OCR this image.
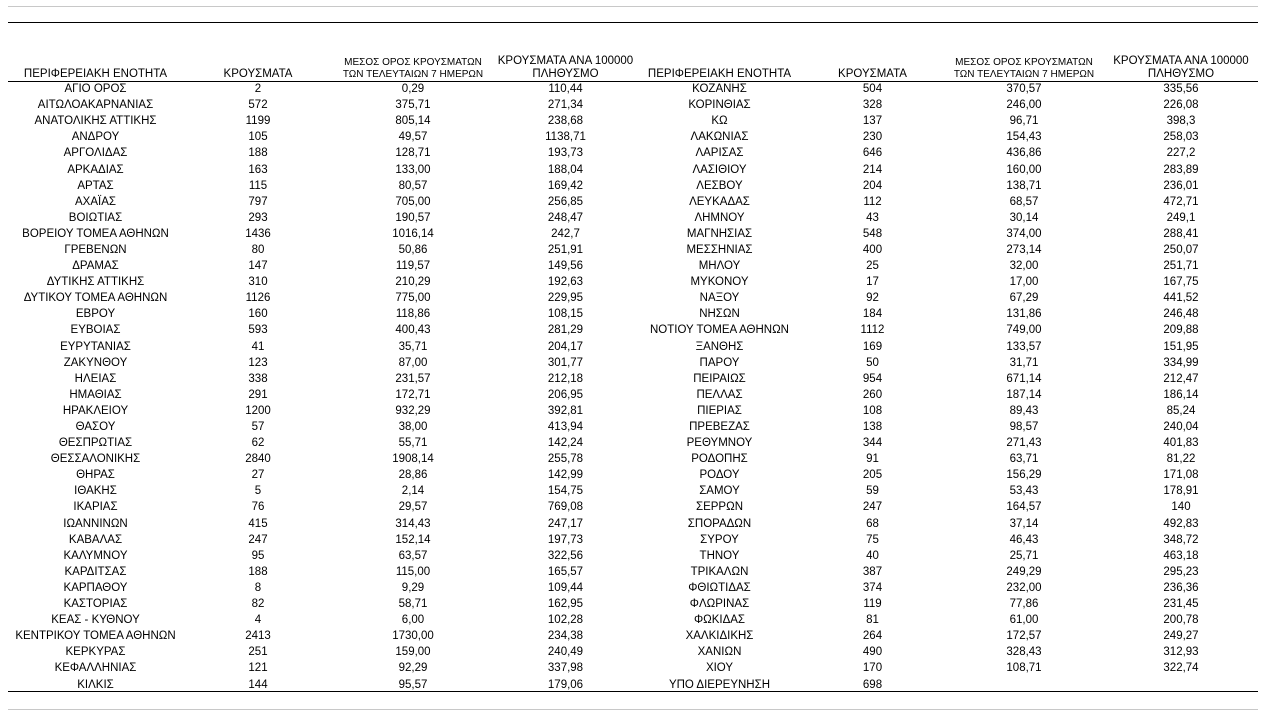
ΠΕΡΙΦΕΡΕΙΑΚΗ ΕΝΟΤΗΤΑ	ΚΡΟΥΣΜΑΤΑ	ΜΕΣΟΣ ΟΡΟΣ ΚΡΟΥΣΜΑΤΩΝ ΤΩΝ ΤΕΛΕΥΤΑΙΩΝ 7 ΗΜΕΡΩΝ	ΚΡΟΥΣΜΑΤΑ ΑΝΑ 100000 ΠΛΗΘΥΣΜΟ	ΠΕΡΙΦΕΡΕΙΑΚΗ ΕΝΟΤΗΤΑ	ΚΡΟΥΣΜΑΤΑ	ΜΕΣΟΣ ΟΡΟΣ ΚΡΟΥΣΜΑΤΩΝ ΤΩΝ ΤΕΛΕΥΤΑΙΩΝ 7 ΗΜΕΡΩΝ	ΚΡΟΥΣΜΑΤΑ ΑΝΑ 100000 ΠΛΗΘΥΣΜΟ
ΑΓΙΟ ΟΡΟΣ	2	0,29	110,44	ΚΟΖΑΝΗΣ	504	370,57	335,56
ΑΙΤΩΛΟΑΚΑΡΝΑΝΙΑΣ	572	375,71	271,34	ΚΟΡΙΝΘΙΑΣ	328	246,00	226,08
ΑΝΑΤΟΛΙΚΗΣ ΑΤΤΙΚΗΣ	1199	805,14	238,68	ΚΩ	137	96,71	398,3
ΑΝΔΡΟΥ	105	49,57	1138,71	ΛΑΚΩΝΙΑΣ	230	154,43	258,03
ΑΡΓΟΛΙΔΑΣ	188	128,71	193,73	ΛΑΡΙΣΑΣ	646	436,86	227,2
ΑΡΚΑΔΙΑΣ	163	133,00	188,04	ΛΑΣΙΘΙΟΥ	214	160,00	283,89
ΑΡΤΑΣ	115	80,57	169,42	ΛΕΣΒΟΥ	204	138,71	236,01
ΑΧΑΪΑΣ	797	705,00	256,85	ΛΕΥΚΑΔΑΣ	112	68,57	472,71
ΒΟΙΩΤΙΑΣ	293	190,57	248,47	ΛΗΜΝΟΥ	43	30,14	249,1
ΒΟΡΕΙΟΥ ΤΟΜΕΑ ΑΘΗΝΩΝ	1436	1016,14	242,7	ΜΑΓΝΗΣΙΑΣ	548	374,00	288,41
ΓΡΕΒΕΝΩΝ	80	50,86	251,91	ΜΕΣΣΗΝΙΑΣ	400	273,14	250,07
ΔΡΑΜΑΣ	147	119,57	149,56	ΜΗΛΟΥ	25	32,00	251,71
ΔΥΤΙΚΗΣ ΑΤΤΙΚΗΣ	310	210,29	192,63	ΜΥΚΟΝΟΥ	17	17,00	167,75
ΔΥΤΙΚΟΥ ΤΟΜΕΑ ΑΘΗΝΩΝ	1126	775,00	229,95	ΝΑΞΟΥ	92	67,29	441,52
ΕΒΡΟΥ	160	118,86	108,15	ΝΗΣΩΝ	184	131,86	246,48
ΕΥΒΟΙΑΣ	593	400,43	281,29	ΝΟΤΙΟΥ ΤΟΜΕΑ ΑΘΗΝΩΝ	1112	749,00	209,88
ΕΥΡΥΤΑΝΙΑΣ	41	35,71	204,17	ΞΑΝΘΗΣ	169	133,57	151,95
ΖΑΚΥΝΘΟΥ	123	87,00	301,77	ΠΑΡΟΥ	50	31,71	334,99
ΗΛΕΙΑΣ	338	231,57	212,18	ΠΕΙΡΑΙΩΣ	954	671,14	212,47
ΗΜΑΘΙΑΣ	291	172,71	206,95	ΠΕΛΛΑΣ	260	187,14	186,14
ΗΡΑΚΛΕΙΟΥ	1200	932,29	392,81	ΠΙΕΡΙΑΣ	108	89,43	85,24
ΘΑΣΟΥ	57	38,00	413,94	ΠΡΕΒΕΖΑΣ	138	98,57	240,04
ΘΕΣΠΡΩΤΙΑΣ	62	55,71	142,24	ΡΕΘΥΜΝΟΥ	344	271,43	401,83
ΘΕΣΣΑΛΟΝΙΚΗΣ	2840	1908,14	255,78	ΡΟΔΟΠΗΣ	91	63,71	81,22
ΘΗΡΑΣ	27	28,86	142,99	ΡΟΔΟΥ	205	156,29	171,08
ΙΘΑΚΗΣ	5	2,14	154,75	ΣΑΜΟΥ	59	53,43	178,91
ΙΚΑΡΙΑΣ	76	29,57	769,08	ΣΕΡΡΩΝ	247	164,57	140
ΙΩΑΝΝΙΝΩΝ	415	314,43	247,17	ΣΠΟΡΑΔΩΝ	68	37,14	492,83
ΚΑΒΑΛΑΣ	247	152,14	197,73	ΣΥΡΟΥ	75	46,43	348,72
ΚΑΛΥΜΝΟΥ	95	63,57	322,56	ΤΗΝΟΥ	40	25,71	463,18
ΚΑΡΔΙΤΣΑΣ	188	115,00	165,57	ΤΡΙΚΑΛΩΝ	387	249,29	295,23
ΚΑΡΠΑΘΟΥ	8	9,29	109,44	ΦΘΙΩΤΙΔΑΣ	374	232,00	236,36
ΚΑΣΤΟΡΙΑΣ	82	58,71	162,95	ΦΛΩΡΙΝΑΣ	119	77,86	231,45
ΚΕΑΣ - ΚΥΘΝΟΥ	4	6,00	102,28	ΦΩΚΙΔΑΣ	81	61,00	200,78
ΚΕΝΤΡΙΚΟΥ ΤΟΜΕΑ ΑΘΗΝΩΝ	2413	1730,00	234,38	ΧΑΛΚΙΔΙΚΗΣ	264	172,57	249,27
ΚΕΡΚΥΡΑΣ	251	159,00	240,49	ΧΑΝΙΩΝ	490	328,43	312,93
ΚΕΦΑΛΛΗΝΙΑΣ	121	92,29	337,98	ΧΙΟΥ	170	108,71	322,74
ΚΙΛΚΙΣ	144	95,57	179,06	ΥΠΟ ΔΙΕΡΕΥΝΗΣΗ	698		
